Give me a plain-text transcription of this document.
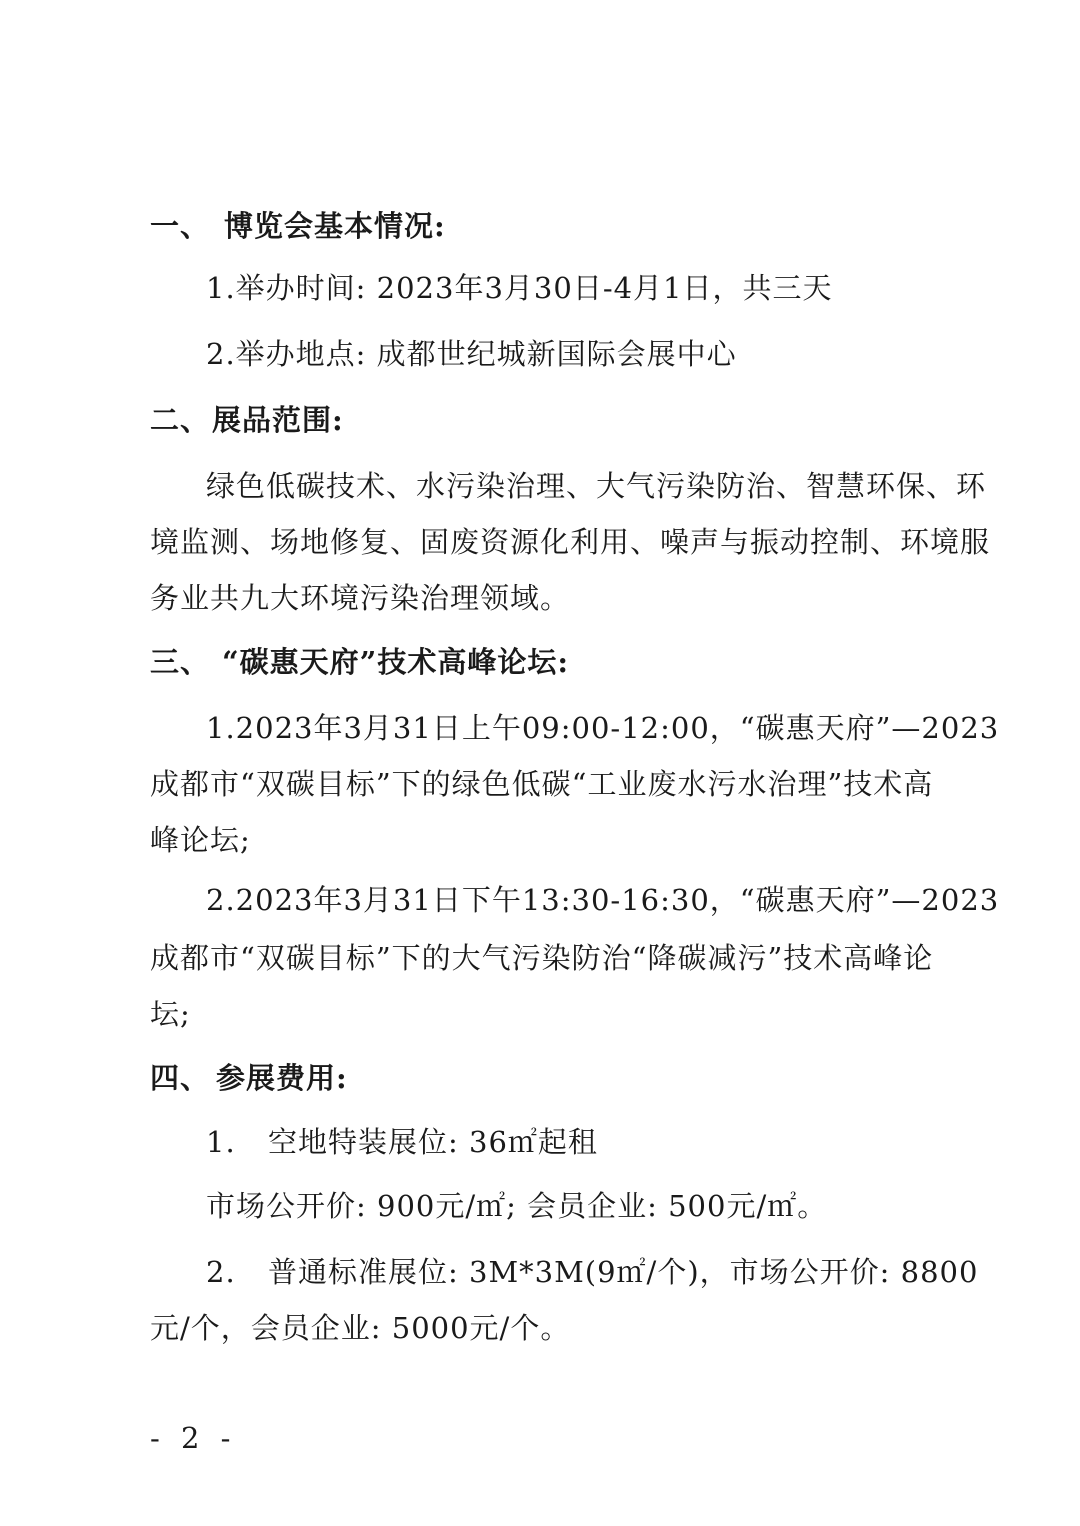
一、 博览会基本情况:
1.举办时间: 2023年3月30日-4月1日，共三天
2.举办地点: 成都世纪城新国际会展中心
二、展品范围:
绿色低碳技术、水污染治理、大气污染防治、智慧环保、环
境监测、场地修复、固废资源化利用、噪声与振动控制、环境服
务业共九大环境污染治理领域。
三、 “碳惠天府”技术高峰论坛:
1.2023年3月31日上午09:00-12:00，“碳惠天府”—2023
成都市“双碳目标”下的绿色低碳“工业废水污水治理”技术高
峰论坛;
2.2023年3月31日下午13:30-16:30，“碳惠天府”—2023
成都市“双碳目标”下的大气污染防治“降碳减污”技术高峰论
坛;
四、 参展费用:
1. 空地特装展位: 36㎡起租
市场公开价: 900元/㎡; 会员企业: 500元/㎡。
2. 普通标准展位: 3M*3M(9㎡/个)，市场公开价: 8800
元/个，会员企业: 5000元/个。
- 2 -
